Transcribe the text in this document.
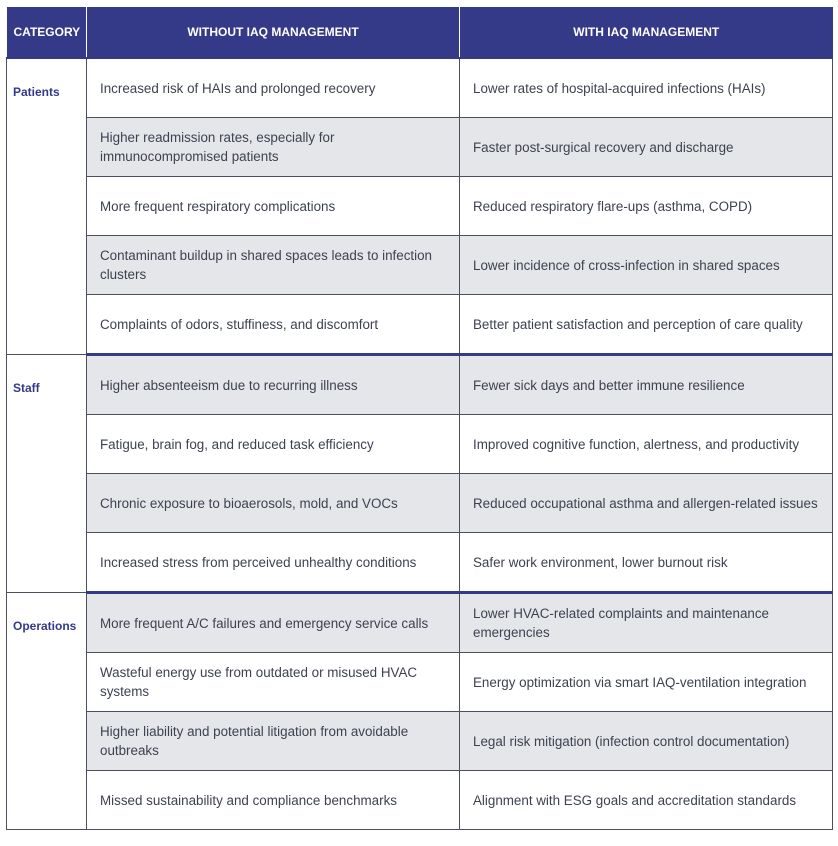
CATEGORY	WITHOUT IAQ MANAGEMENT	WITH IAQ MANAGEMENT
Patients	Increased risk of HAIs and prolonged recovery	Lower rates of hospital-acquired infections (HAIs)
	Higher readmission rates, especially for immunocompromised patients	Faster post-surgical recovery and discharge
	More frequent respiratory complications	Reduced respiratory flare-ups (asthma, COPD)
	Contaminant buildup in shared spaces leads to infection clusters	Lower incidence of cross-infection in shared spaces
	Complaints of odors, stuffiness, and discomfort	Better patient satisfaction and perception of care quality
Staff	Higher absenteeism due to recurring illness	Fewer sick days and better immune resilience
	Fatigue, brain fog, and reduced task efficiency	Improved cognitive function, alertness, and productivity
	Chronic exposure to bioaerosols, mold, and VOCs	Reduced occupational asthma and allergen-related issues
	Increased stress from perceived unhealthy conditions	Safer work environment, lower burnout risk
Operations	More frequent A/C failures and emergency service calls	Lower HVAC-related complaints and maintenance emergencies
	Wasteful energy use from outdated or misused HVAC systems	Energy optimization via smart IAQ-ventilation integration
	Higher liability and potential litigation from avoidable outbreaks	Legal risk mitigation (infection control documentation)
	Missed sustainability and compliance benchmarks	Alignment with ESG goals and accreditation standards
